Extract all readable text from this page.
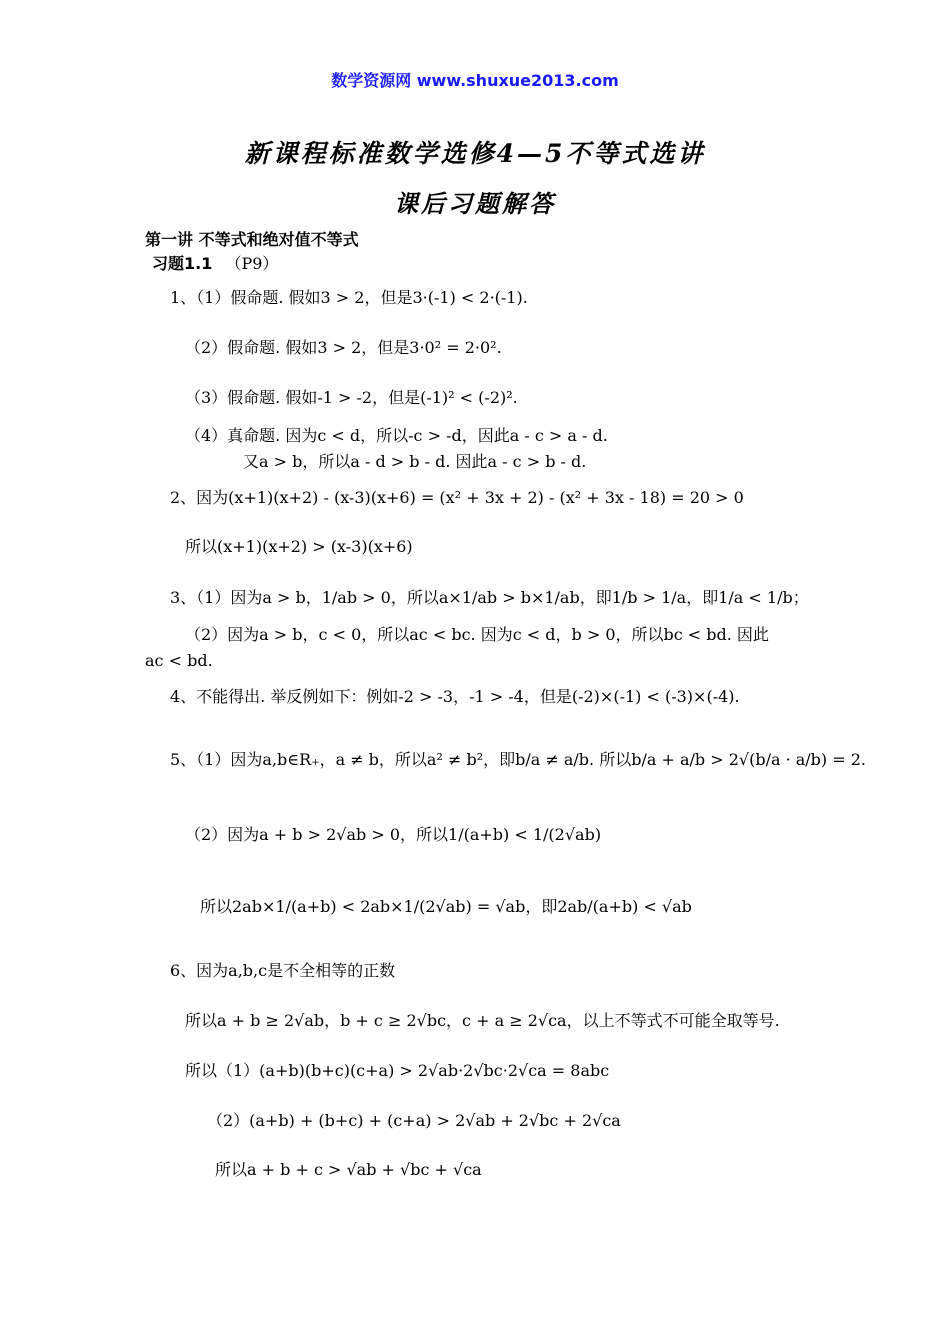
数学资源网 www.shuxue2013.com
新课程标准数学选修4—5不等式选讲
课后习题解答
第一讲 不等式和绝对值不等式
习题1.1 （P9）
1、（1）假命题. 假如3 > 2，但是3·(-1) < 2·(-1).
（2）假命题. 假如3 > 2，但是3·0² = 2·0².
（3）假命题. 假如-1 > -2，但是(-1)² < (-2)².
（4）真命题. 因为c < d，所以-c > -d，因此a - c > a - d.
又a > b，所以a - d > b - d. 因此a - c > b - d.
2、因为(x+1)(x+2) - (x-3)(x+6) = (x² + 3x + 2) - (x² + 3x - 18) = 20 > 0
所以(x+1)(x+2) > (x-3)(x+6)
3、（1）因为a > b，1/ab > 0，所以a×1/ab > b×1/ab，即1/b > 1/a，即1/a < 1/b；
（2）因为a > b，c < 0，所以ac < bc. 因为c < d，b > 0，所以bc < bd. 因此
ac < bd.
4、不能得出. 举反例如下：例如-2 > -3，-1 > -4，但是(-2)×(-1) < (-3)×(-4).
5、（1）因为a,b∈R₊，a ≠ b，所以a² ≠ b²，即b/a ≠ a/b. 所以b/a + a/b > 2√(b/a · a/b) = 2.
（2）因为a + b > 2√ab > 0，所以1/(a+b) < 1/(2√ab)
所以2ab×1/(a+b) < 2ab×1/(2√ab) = √ab，即2ab/(a+b) < √ab
6、因为a,b,c是不全相等的正数
所以a + b ≥ 2√ab，b + c ≥ 2√bc，c + a ≥ 2√ca，以上不等式不可能全取等号.
所以（1）(a+b)(b+c)(c+a) > 2√ab·2√bc·2√ca = 8abc
（2）(a+b) + (b+c) + (c+a) > 2√ab + 2√bc + 2√ca
所以a + b + c > √ab + √bc + √ca
